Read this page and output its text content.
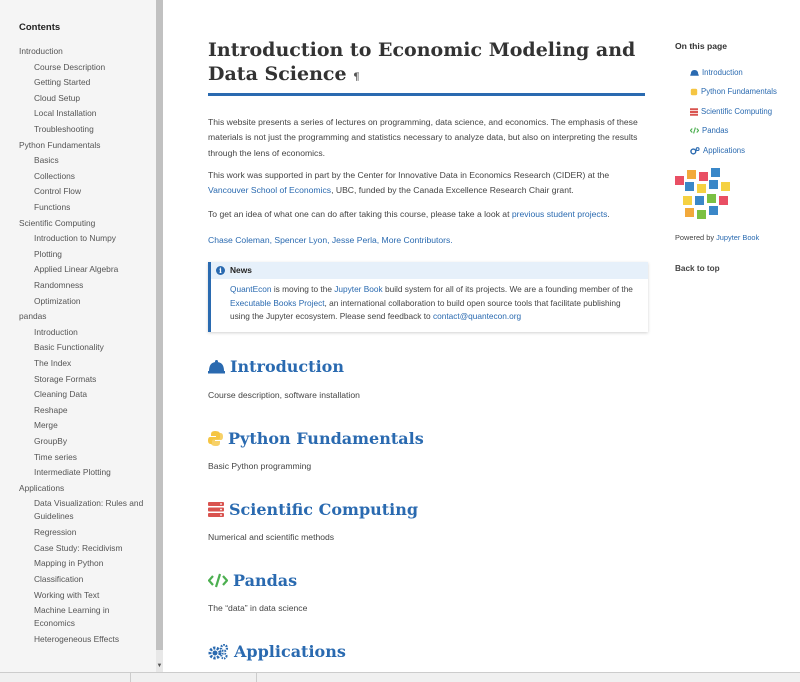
Contents
Introduction
Course Description
Getting Started
Cloud Setup
Local Installation
Troubleshooting
Python Fundamentals
Basics
Collections
Control Flow
Functions
Scientific Computing
Introduction to Numpy
Plotting
Applied Linear Algebra
Randomness
Optimization
pandas
Introduction
Basic Functionality
The Index
Storage Formats
Cleaning Data
Reshape
Merge
GroupBy
Time series
Intermediate Plotting
Applications
Data Visualization: Rules and Guidelines
Regression
Case Study: Recidivism
Mapping in Python
Classification
Working with Text
Machine Learning in Economics
Heterogeneous Effects
▼
Introduction to Economic Modeling and Data Science ¶
This website presents a series of lectures on programming, data science, and economics. The emphasis of these materials is not just the programming and statistics necessary to analyze data, but also on interpreting the results through the lens of economics.
This work was supported in part by the Center for Innovative Data in Economics Research (CIDER) at the Vancouver School of Economics, UBC, funded by the Canada Excellence Research Chair grant.
To get an idea of what one can do after taking this course, please take a look at previous student projects.
Chase Coleman, Spencer Lyon, Jesse Perla, More Contributors.
i News
QuantEcon is moving to the Jupyter Book build system for all of its projects. We are a founding member of the Executable Books Project, an international collaboration to build open source tools that facilitate publishing using the Jupyter ecosystem. Please send feedback to contact@quantecon.org
Introduction
Course description, software installation
Python Fundamentals
Basic Python programming
Scientific Computing
Numerical and scientific methods
Pandas
The “data” in data science
Applications
On this page
Introduction
Python Fundamentals
Scientific Computing
Pandas
Applications
Powered by Jupyter Book
Back to top
